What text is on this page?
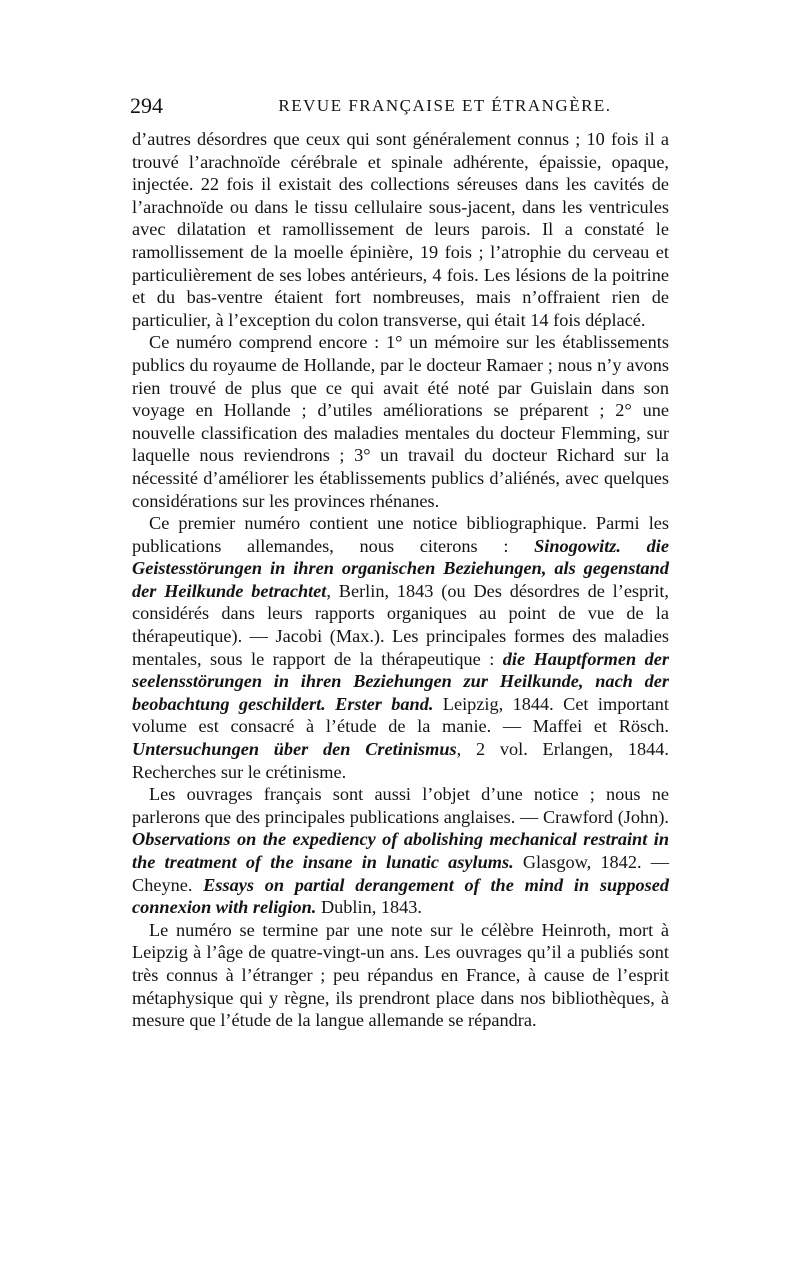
294	REVUE FRANÇAISE ET ÉTRANGÈRE.

d’autres désordres que ceux qui sont généralement connus ; 10 fois il a trouvé l’arachnoïde cérébrale et spinale adhérente, épaissie, opaque, injectée. 22 fois il existait des collections séreuses dans les cavités de l’arachnoïde ou dans le tissu cellulaire sous-jacent, dans les ventricules avec dilatation et ramollissement de leurs parois. Il a constaté le ramollissement de la moelle épinière, 19 fois ; l’atrophie du cerveau et particulièrement de ses lobes antérieurs, 4 fois. Les lésions de la poitrine et du bas-ventre étaient fort nombreuses, mais n’offraient rien de particulier, à l’exception du colon transverse, qui était 14 fois déplacé.

Ce numéro comprend encore : 1° un mémoire sur les établissements publics du royaume de Hollande, par le docteur Ramaer ; nous n’y avons rien trouvé de plus que ce qui avait été noté par Guislain dans son voyage en Hollande ; d’utiles améliorations se préparent ; 2° une nouvelle classification des maladies mentales du docteur Flemming, sur laquelle nous reviendrons ; 3° un travail du docteur Richard sur la nécessité d’améliorer les établissements publics d’aliénés, avec quelques considérations sur les provinces rhénanes.

Ce premier numéro contient une notice bibliographique. Parmi les publications allemandes, nous citerons : Sinogowitz. die Geistesstörungen in ihren organischen Beziehungen, als gegenstand der Heilkunde betrachtet, Berlin, 1843 (ou Des désordres de l’esprit, considérés dans leurs rapports organiques au point de vue de la thérapeutique). — Jacobi (Max.). Les principales formes des maladies mentales, sous le rapport de la thérapeutique : die Hauptformen der seelensstörungen in ihren Beziehungen zur Heilkunde, nach der beobachtung geschildert. Erster band. Leipzig, 1844. Cet important volume est consacré à l’étude de la manie. — Maffei et Rösch. Untersuchungen über den Cretinismus, 2 vol. Erlangen, 1844. Recherches sur le crétinisme.

Les ouvrages français sont aussi l’objet d’une notice ; nous ne parlerons que des principales publications anglaises. — Crawford (John). Observations on the expediency of abolishing mechanical restraint in the treatment of the insane in lunatic asylums. Glasgow, 1842. — Cheyne. Essays on partial derangement of the mind in supposed connexion with religion. Dublin, 1843.

Le numéro se termine par une note sur le célèbre Heinroth, mort à Leipzig à l’âge de quatre-vingt-un ans. Les ouvrages qu’il a publiés sont très connus à l’étranger ; peu répandus en France, à cause de l’esprit métaphysique qui y règne, ils prendront place dans nos bibliothèques, à mesure que l’étude de la langue allemande se répandra.
